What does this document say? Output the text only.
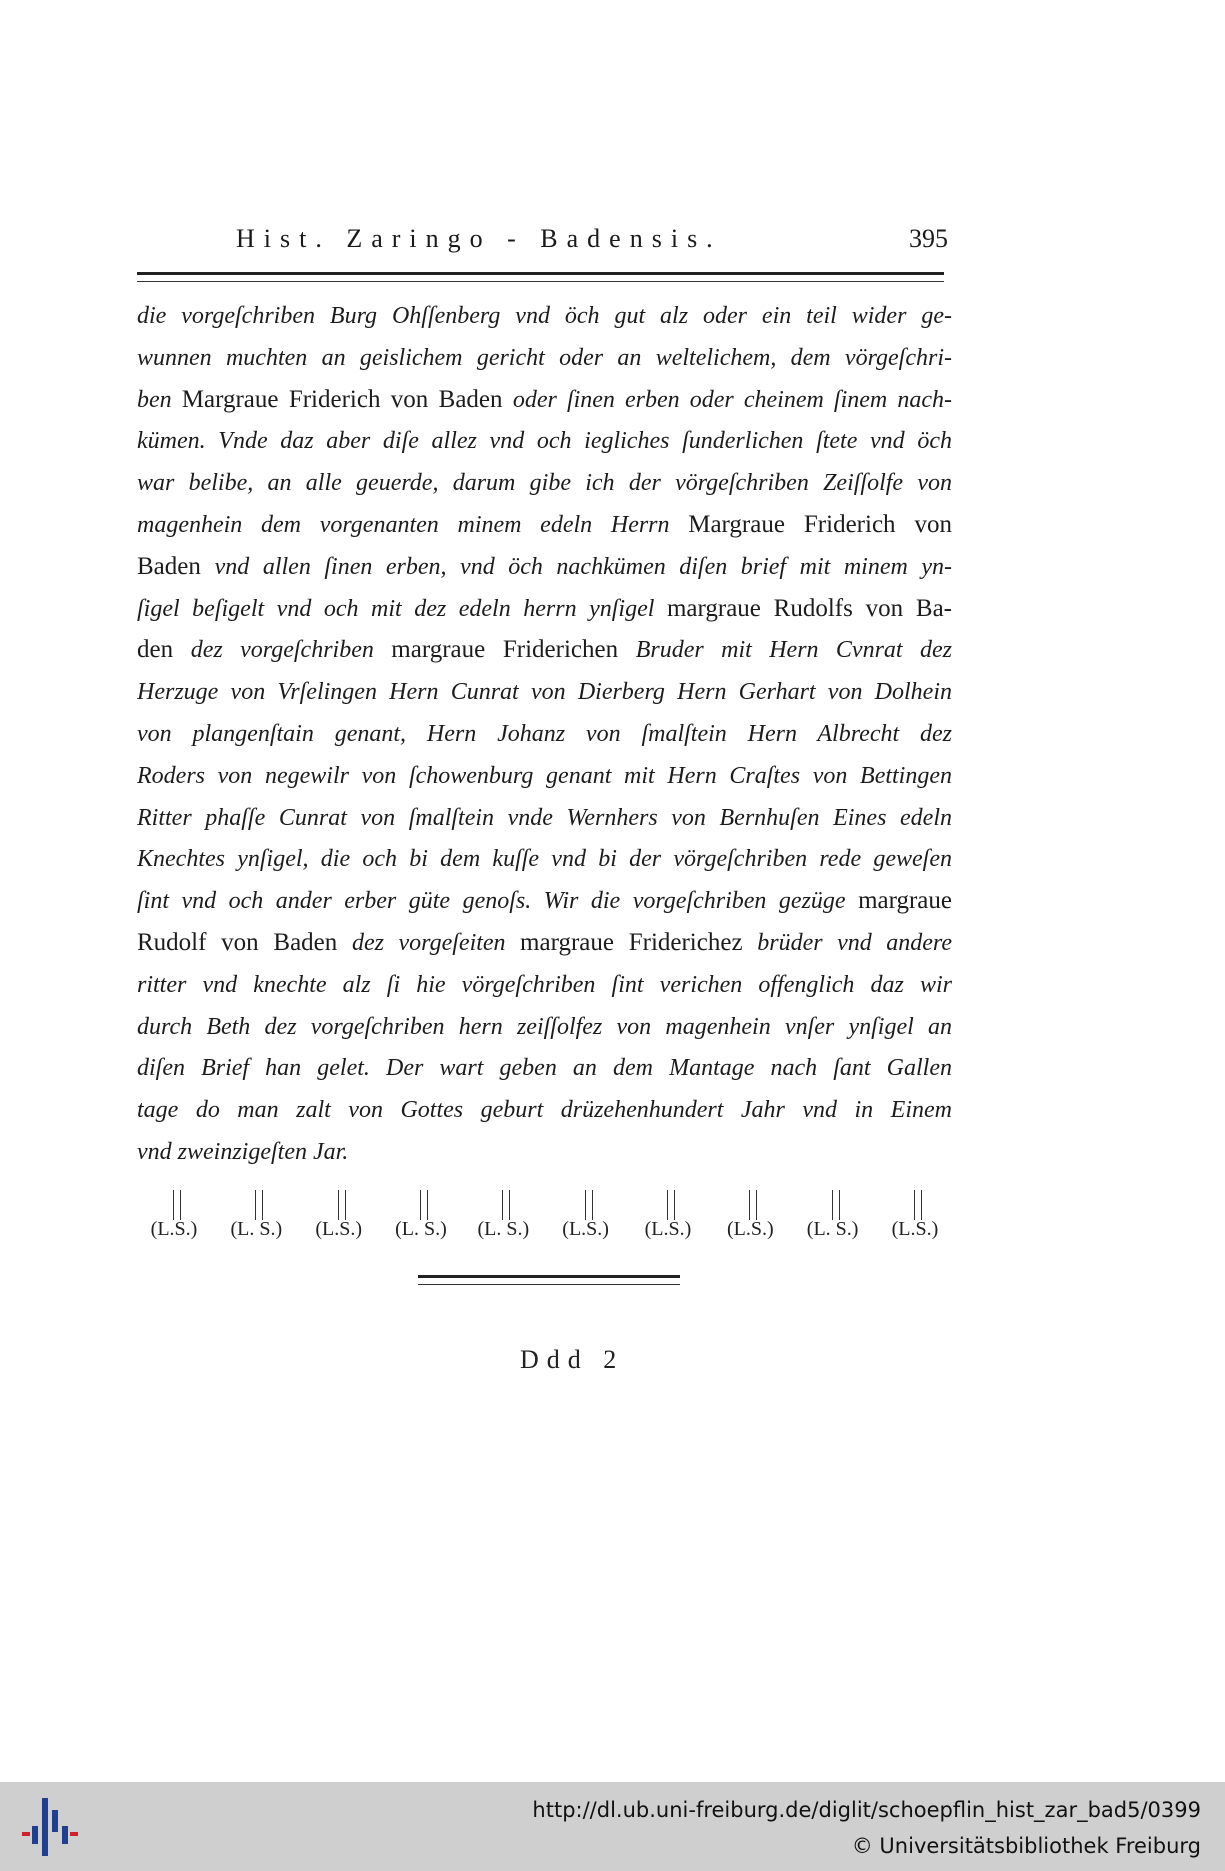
Hist. Zaringo - Badensis.	395
die vorgeſchriben Burg Ohſſenberg vnd öch gut alz oder ein teil wider ge-
wunnen muchten an geislichem gericht oder an weltelichem, dem vörgeſchri-
ben Margraue Friderich von Baden oder ſinen erben oder cheinem ſinem nach-
kümen. Vnde daz aber diſe allez vnd och iegliches ſunderlichen ſtete vnd öch
war belibe, an alle geuerde, darum gibe ich der vörgeſchriben Zeiſſolfe von
magenhein dem vorgenanten minem edeln Herrn Margraue Friderich von
Baden vnd allen ſinen erben, vnd öch nachkümen diſen brief mit minem yn-
ſigel beſigelt vnd och mit dez edeln herrn ynſigel margraue Rudolfs von Ba-
den dez vorgeſchriben margraue Friderichen Bruder mit Hern Cvnrat dez
Herzuge von Vrſelingen Hern Cunrat von Dierberg Hern Gerhart von Dolhein
von plangenſtain genant, Hern Johanz von ſmalſtein Hern Albrecht dez
Roders von negewilr von ſchowenburg genant mit Hern Craſtes von Bettingen
Ritter phaſſe Cunrat von ſmalſtein vnde Wernhers von Bernhuſen Eines edeln
Knechtes ynſigel, die och bi dem kuſſe vnd bi der vörgeſchriben rede geweſen
ſint vnd och ander erber güte genoſs. Wir die vorgeſchriben gezüge margraue
Rudolf von Baden dez vorgeſeiten margraue Friderichez brüder vnd andere
ritter vnd knechte alz ſi hie vörgeſchriben ſint verichen offenglich daz wir
durch Beth dez vorgeſchriben hern zeiſſolfez von magenhein vnſer ynſigel an
diſen Brief han gelet. Der wart geben an dem Mantage nach ſant Gallen
tage do man zalt von Gottes geburt drüzehenhundert Jahr vnd in Einem
vnd zweinzigeſten Jar.
(L.S.)	(L. S.)	(L.S.)	(L. S.)	(L. S.)	(L.S.)	(L.S.)	(L.S.)	(L. S.)	(L.S.)
Ddd 2
http://dl.ub.uni-freiburg.de/diglit/schoepflin_hist_zar_bad5/0399
© Universitätsbibliothek Freiburg
